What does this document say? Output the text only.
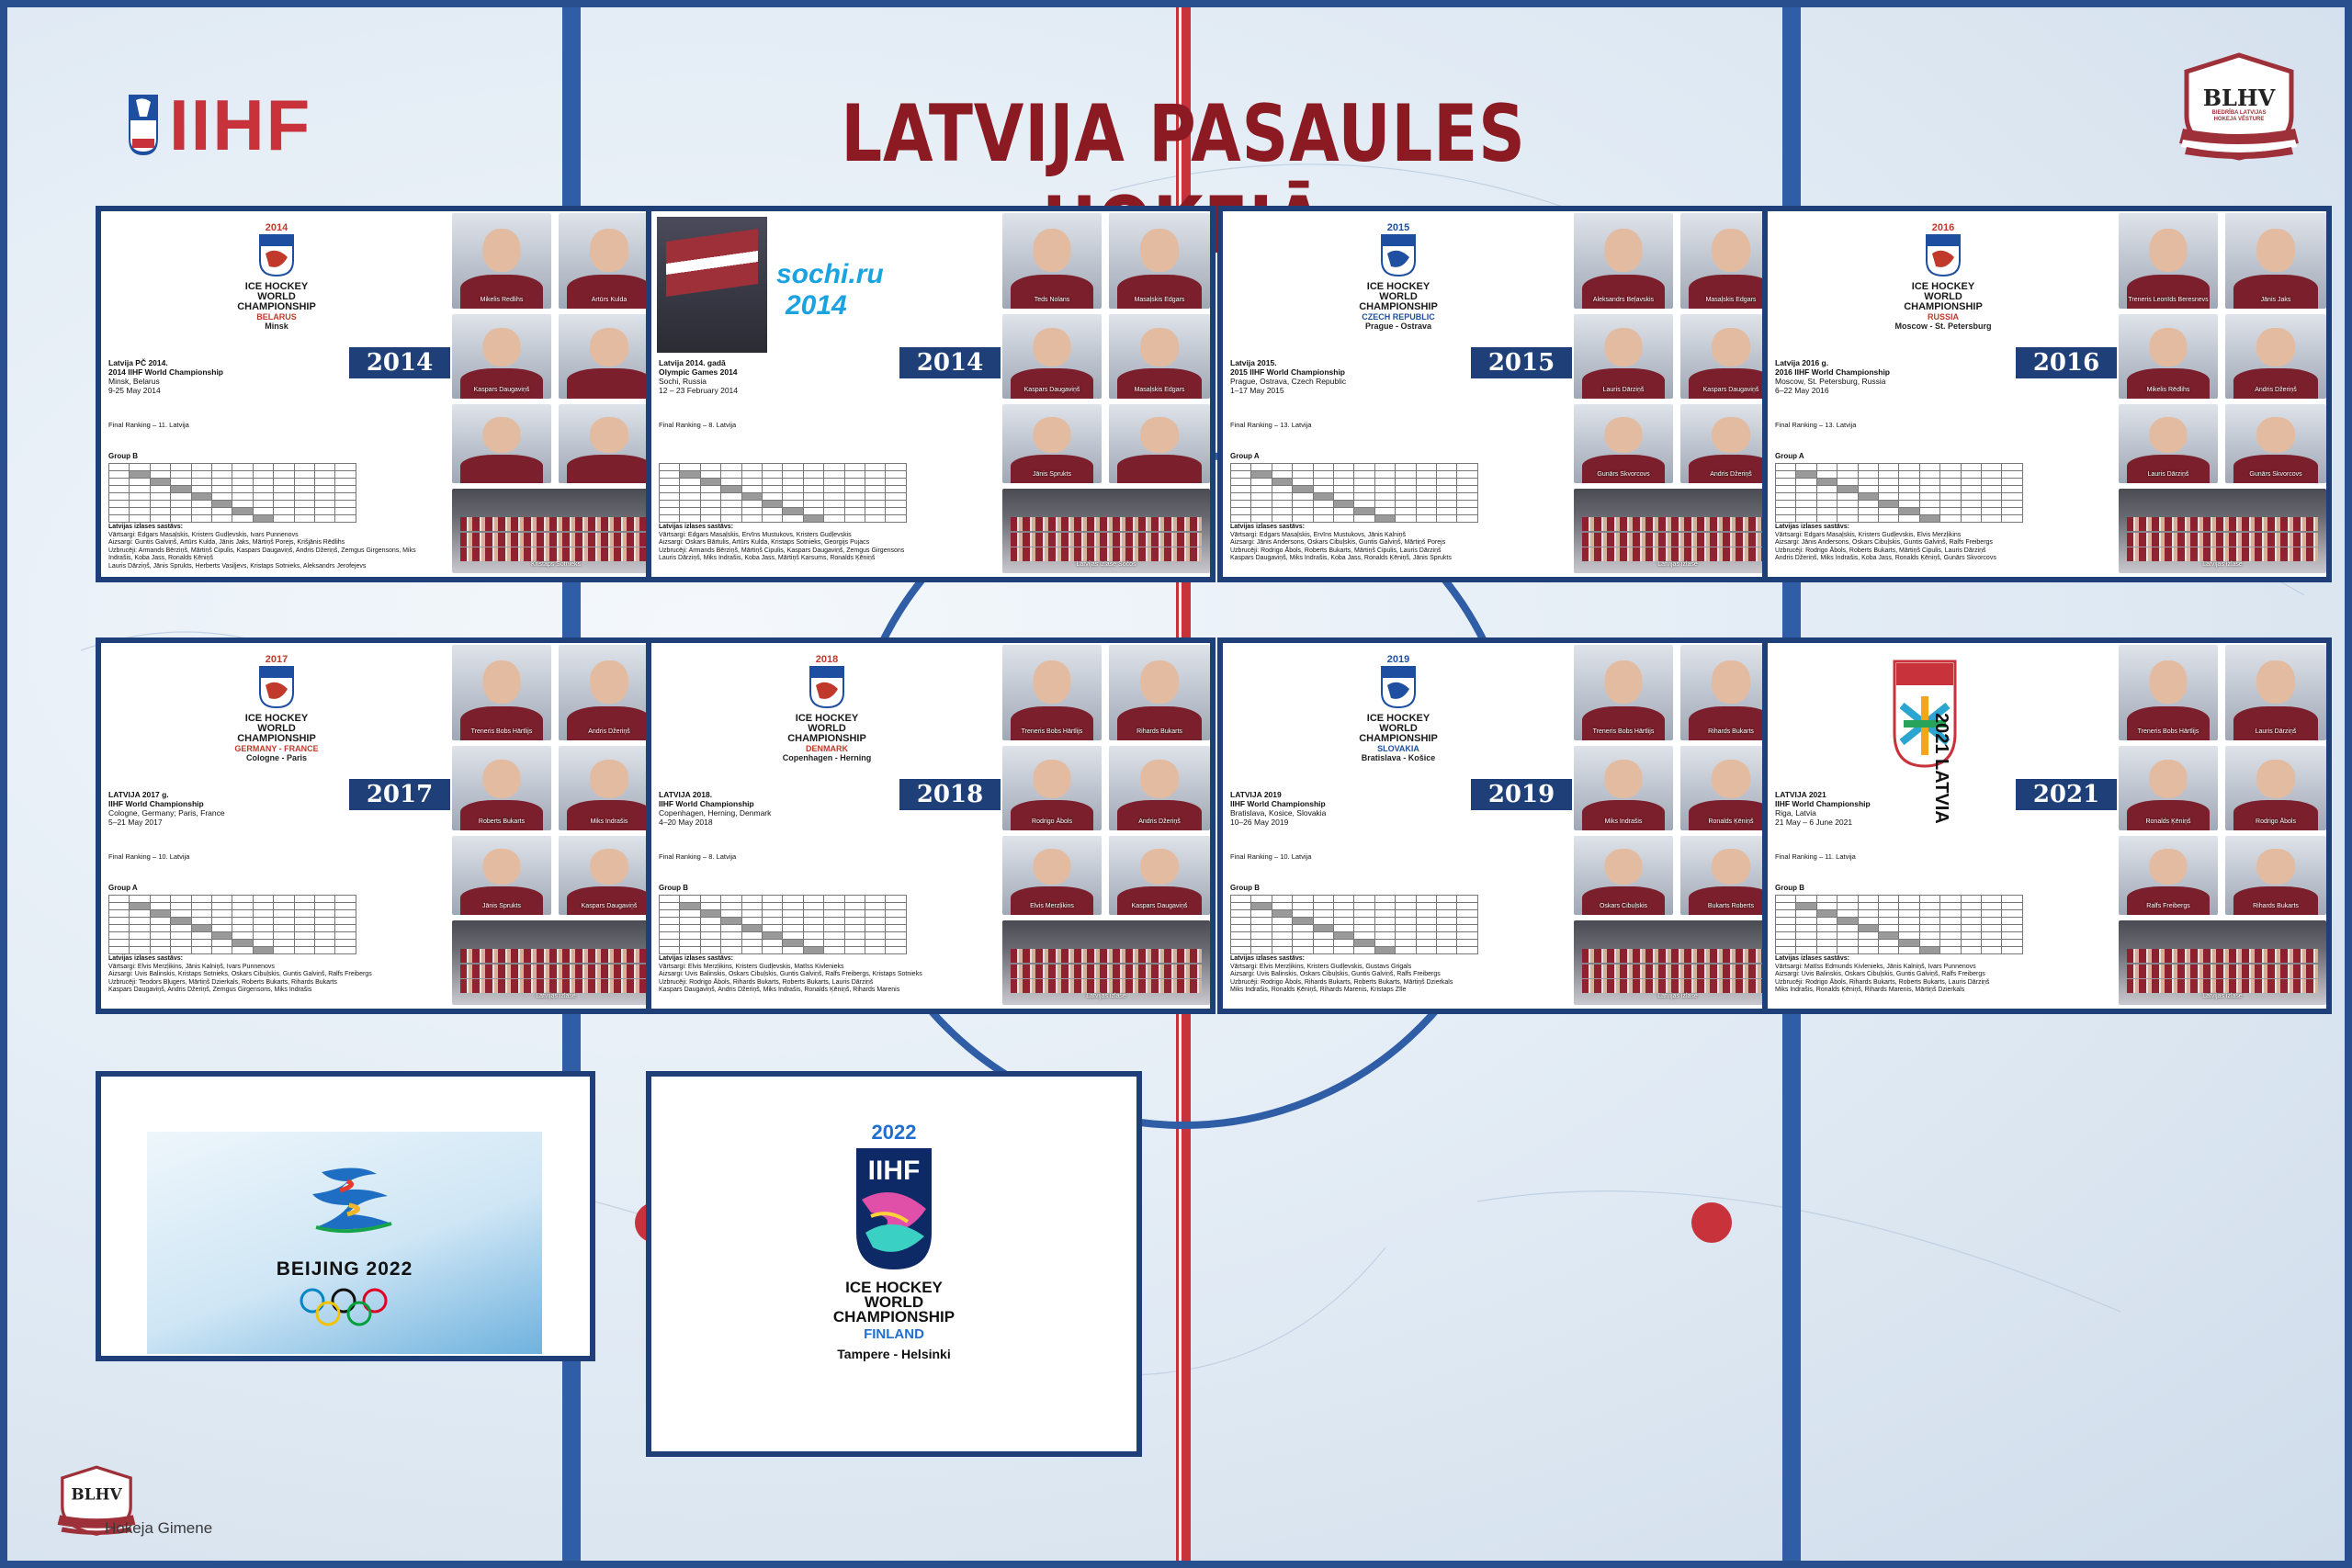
IIHF	LATVIJA PASAULES	BLHV
BIEDRĪBA LATVIJAS HOKEJA VĒSTURE
2014
ICE HOCKEY WORLD CHAMPIONSHIP
BELARUS
Minsk
2014
Latvija PČ 2014.
2014 IIHF World Championship
Minsk, Belarus
9-25 May 2014
Final Ranking – 11. Latvija
Group B

Latvijas izlases sastāvs:
Vārtsargi: Edgars Masaļskis, Kristers Gudļevskis, Ivars Punnenovs
Aizsargi: Guntis Galviņš, Artūrs Kulda, Jānis Jaks, Mārtiņš Porejs, Krišjānis Rēdlihs
Uzbrucēji: Armands Bērziņš, Mārtiņš Cipulis, Kaspars Daugaviņš, Andris Džeriņš, Zemgus Girgensons, Miks Indrašis, Koba Jass, Ronalds Ķēniņš
Lauris Dārziņš, Jānis Sprukts, Herberts Vasiļjevs, Kristaps Sotnieks, Aleksandrs Jerofejevs
Mikelis Redlihs	Artūrs Kulda
Kaspars Daugaviņš
Kristaps Sotnieks
sochi.ru
2014
2014
Latvija 2014. gadā
Olympic Games 2014
Sochi, Russia
12 – 23 February 2014
Final Ranking – 8. Latvija

Latvijas izlases sastāvs:
Vārtsargi: Edgars Masaļskis, Ervīns Mustukovs, Kristers Gudļevskis
Aizsargi: Oskars Bārtulis, Artūrs Kulda, Kristaps Sotnieks, Georgijs Pujacs
Uzbrucēji: Armands Bērziņš, Mārtiņš Cipulis, Kaspars Daugaviņš, Zemgus Girgensons
Lauris Dārziņš, Miks Indrašis, Koba Jass, Mārtiņš Karsums, Ronalds Ķēniņš
Teds Nolans	Masaļskis Edgars
Kaspars Daugaviņš	Masaļskis Edgars
Jānis Sprukts
Latvijas izlase Sočos
2015
ICE HOCKEY WORLD CHAMPIONSHIP
CZECH REPUBLIC
Prague - Ostrava
2015
Latvija 2015.
2015 IIHF World Championship
Prague, Ostrava, Czech Republic
1–17 May 2015
Final Ranking – 13. Latvija
Group A

Latvijas izlases sastāvs:
Vārtsargi: Edgars Masaļskis, Ervīns Mustukovs, Jānis Kalniņš
Aizsargi: Jānis Andersons, Oskars Cibuļskis, Guntis Galviņš, Mārtiņš Porejs
Uzbrucēji: Rodrigo Ābols, Roberts Bukarts, Mārtiņš Cipulis, Lauris Dārziņš
Kaspars Daugaviņš, Miks Indrašis, Koba Jass, Ronalds Ķēniņš, Jānis Sprukts
Aleksandrs Beļavskis	Masaļskis Edgars
Lauris Dārziņš	Kaspars Daugaviņš
Gunārs Skvorcovs	Andris Džeriņš
Latvijas izlase
2016
ICE HOCKEY WORLD CHAMPIONSHIP
RUSSIA
Moscow - St. Petersburg
2016
Latvija 2016 g.
2016 IIHF World Championship
Moscow, St. Petersburg, Russia
6–22 May 2016
Final Ranking – 13. Latvija
Group A

Latvijas izlases sastāvs:
Vārtsargi: Edgars Masaļskis, Kristers Gudļevskis, Elvis Merzļikins
Aizsargi: Jānis Andersons, Oskars Cibuļskis, Guntis Galviņš, Ralfs Freibergs
Uzbrucēji: Rodrigo Ābols, Roberts Bukarts, Mārtiņš Cipulis, Lauris Dārziņš
Andris Džeriņš, Miks Indrašis, Koba Jass, Ronalds Ķēniņš, Gunārs Skvorcovs
Treneris Leonīds Beresnevs	Jānis Jaks
Mikelis Rēdlihs	Andris Džeriņš
Lauris Dārziņš	Gunārs Skvorcovs
Latvijas izlase
2017
ICE HOCKEY WORLD CHAMPIONSHIP
GERMANY - FRANCE
Cologne - Paris
2017
LATVIJA 2017 g.
IIHF World Championship
Cologne, Germany; Paris, France
5–21 May 2017
Final Ranking – 10. Latvija
Group A

Latvijas izlases sastāvs:
Vārtsargi: Elvis Merzļikins, Jānis Kalniņš, Ivars Punnenovs
Aizsargi: Uvis Balinskis, Kristaps Sotnieks, Oskars Cibuļskis, Guntis Galviņš, Ralfs Freibergs
Uzbrucēji: Teodors Bļugers, Mārtiņš Dzierkals, Roberts Bukarts, Rihards Bukarts
Kaspars Daugaviņš, Andris Džeriņš, Zemgus Girgensons, Miks Indrašis
Treneris Bobs Hārtlijs	Andris Džeriņš
Roberts Bukarts	Miks Indrašis
Jānis Sprukts	Kaspars Daugaviņš
Latvijas izlase
2018
ICE HOCKEY WORLD CHAMPIONSHIP
DENMARK
Copenhagen - Herning
2018
LATVIJA 2018.
IIHF World Championship
Copenhagen, Herning, Denmark
4–20 May 2018
Final Ranking – 8. Latvija
Group B

Latvijas izlases sastāvs:
Vārtsargi: Elvis Merzļikins, Kristers Gudļevskis, Matīss Kivlenieks
Aizsargi: Uvis Balinskis, Oskars Cibuļskis, Guntis Galviņš, Ralfs Freibergs, Kristaps Sotnieks
Uzbrucēji: Rodrigo Ābols, Rihards Bukarts, Roberts Bukarts, Lauris Dārziņš
Kaspars Daugaviņš, Andris Džeriņš, Miks Indrašis, Ronalds Ķēniņš, Rihards Marenis
Treneris Bobs Hārtlijs	Rihards Bukarts
Rodrigo Ābols	Andris Džeriņš
Elvis Merzļikins	Kaspars Daugaviņš
Latvijas izlase
2019
ICE HOCKEY WORLD CHAMPIONSHIP
SLOVAKIA
Bratislava - Košice
2019
LATVIJA 2019
IIHF World Championship
Bratislava, Kosice, Slovakia
10–26 May 2019
Final Ranking – 10. Latvija
Group B

Latvijas izlases sastāvs:
Vārtsargi: Elvis Merzļikins, Kristers Gudļevskis, Gustavs Grigals
Aizsargi: Uvis Balinskis, Oskars Cibuļskis, Guntis Galviņš, Ralfs Freibergs
Uzbrucēji: Rodrigo Ābols, Rihards Bukarts, Roberts Bukarts, Mārtiņš Dzierkals
Miks Indrašis, Ronalds Ķēniņš, Rihards Marenis, Kristaps Zīle
Treneris Bobs Hārtlijs	Rihards Bukarts
Miks Indrašis	Ronalds Ķēniņš
Oskars Cibuļskis	Bukarts Roberts
Latvijas izlase
2021 LATVIA	2021
LATVIJA 2021
IIHF World Championship
Riga, Latvia
21 May – 6 June 2021
Final Ranking – 11. Latvija
Group B

Latvijas izlases sastāvs:
Vārtsargi: Matīss Edmunds Kivlenieks, Jānis Kalniņš, Ivars Punnenovs
Aizsargi: Uvis Balinskis, Oskars Cibuļskis, Guntis Galviņš, Ralfs Freibergs
Uzbrucēji: Rodrigo Ābols, Rihards Bukarts, Roberts Bukarts, Lauris Dārziņš
Miks Indrašis, Ronalds Ķēniņš, Rihards Marenis, Mārtiņš Dzierkals
Treneris Bobs Hārtlijs	Lauris Dārziņš
Ronalds Ķēniņš	Rodrigo Ābols
Ralfs Freibergs	Rihards Bukarts
Latvijas izlase
BEIJING 2022
2022
IIHF
ICE HOCKEY
WORLD
CHAMPIONSHIP
FINLAND
Tampere - Helsinki
BLHV
Hokeja Gimene
